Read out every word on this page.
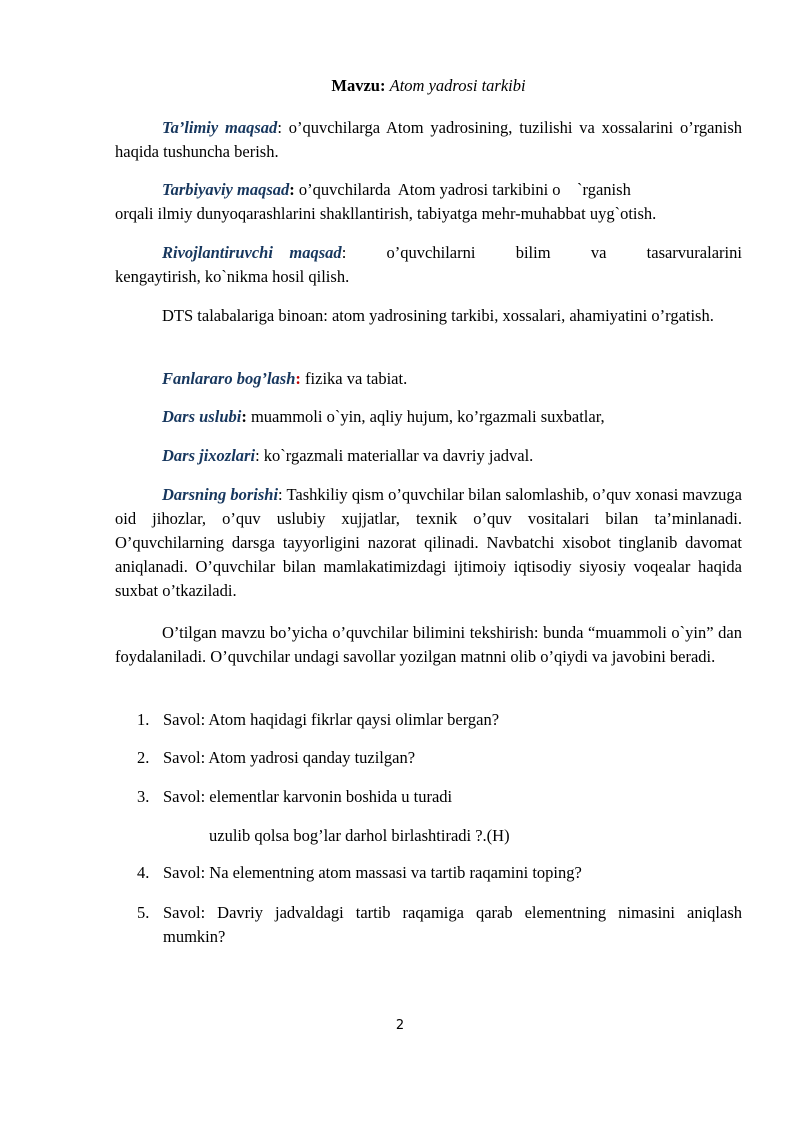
Mavzu: Atom yadrosi tarkibi
Ta’limiy maqsad: o’quvchilarga Atom yadrosining, tuzilishi va xossalarini o’rganish haqida tushuncha berish.
Tarbiyaviy maqsad: o’quvchilarda  Atom yadrosi tarkibini o    `rganish
orqali ilmiy dunyoqarashlarini shakllantirish, tabiyatga mehr-muhabbat uyg`otish.
Rivojlantiruvchi    maqsad: o’quvchilarni bilim va tasarvuralarini
kengaytirish, ko`nikma hosil qilish.
DTS talabalariga binoan: atom yadrosining tarkibi, xossalari, ahamiyatini o’rgatish.
Fanlararo bog’lash: fizika va tabiat.
Dars uslubi: muammoli o`yin, aqliy hujum, ko’rgazmali suxbatlar,
Dars jixozlari: ko`rgazmali materiallar va davriy jadval.
Darsning borishi: Tashkiliy qism o’quvchilar bilan salomlashib, o’quv xonasi mavzuga oid jihozlar, o’quv uslubiy xujjatlar, texnik o’quv vositalari bilan ta’minlanadi. O’quvchilarning darsga tayyorligini nazorat qilinadi. Navbatchi xisobot tinglanib davomat aniqlanadi. O’quvchilar bilan mamlakatimizdagi ijtimoiy iqtisodiy siyosiy voqealar haqida suxbat o’tkaziladi.
O’tilgan mavzu bo’yicha o’quvchilar bilimini tekshirish: bunda “muammoli o`yin” dan foydalaniladi. O’quvchilar undagi savollar yozilgan matnni olib o’qiydi va javobini beradi.
1. Savol: Atom haqidagi fikrlar qaysi olimlar bergan?
2. Savol: Atom yadrosi qanday tuzilgan?
3. Savol: elementlar karvonin boshida u turadi
uzulib qolsa bog’lar darhol birlashtiradi ?.(H)
4. Savol: Na elementning atom massasi va tartib raqamini toping?
5. Savol: Davriy jadvaldagi tartib raqamiga qarab elementning nimasini aniqlash mumkin?
2
